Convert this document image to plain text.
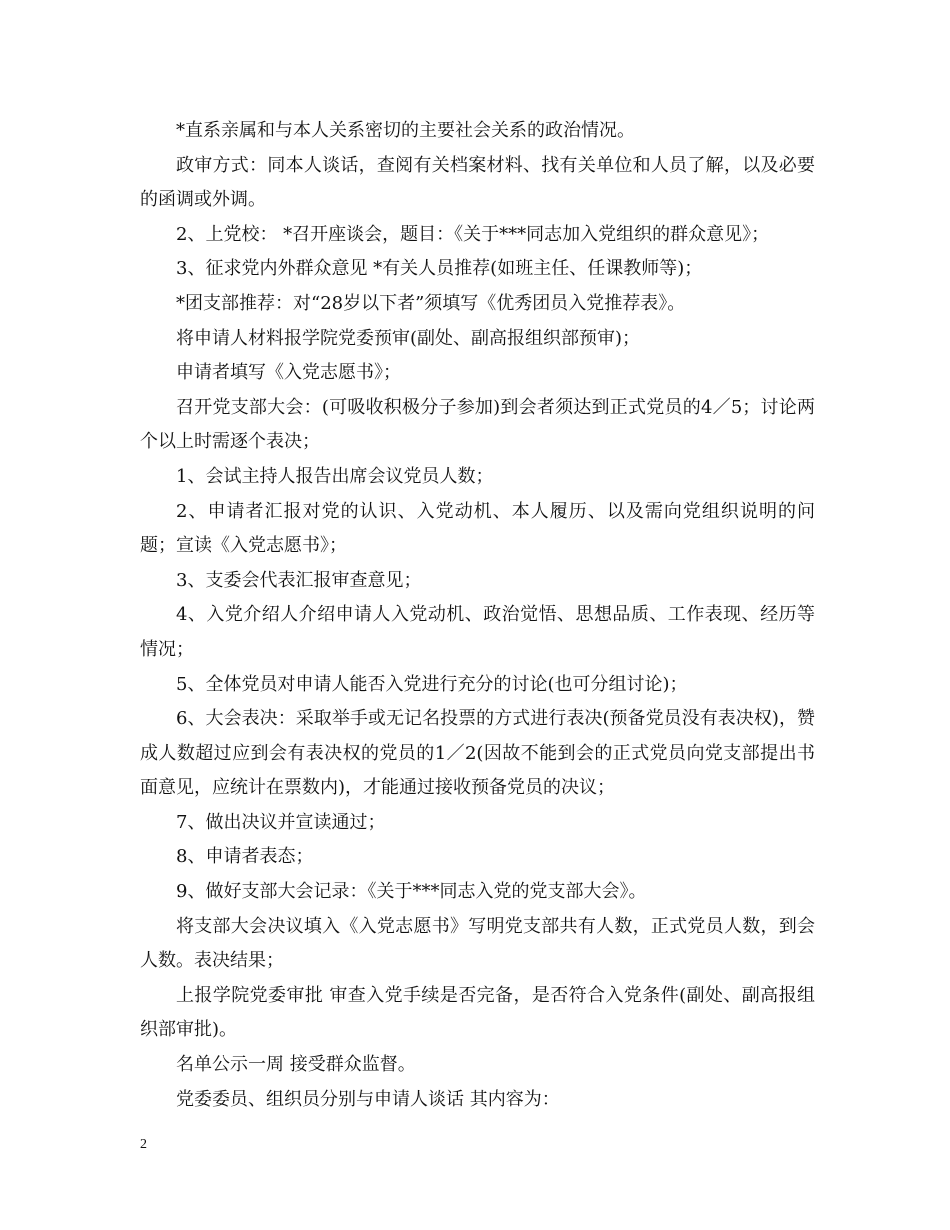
*直系亲属和与本人关系密切的主要社会关系的政治情况。

政审方式：同本人谈话，查阅有关档案材料、找有关单位和人员了解，以及必要的函调或外调。

2、上党校： *召开座谈会，题目：《关于***同志加入党组织的群众意见》；

3、征求党内外群众意见 *有关人员推荐(如班主任、任课教师等)；

*团支部推荐：对“28岁以下者”须填写《优秀团员入党推荐表》。

将申请人材料报学院党委预审(副处、副高报组织部预审)；

申请者填写《入党志愿书》；

召开党支部大会：(可吸收积极分子参加)到会者须达到正式党员的4／5；讨论两个以上时需逐个表决；

1、会试主持人报告出席会议党员人数；

2、申请者汇报对党的认识、入党动机、本人履历、以及需向党组织说明的问题；宣读《入党志愿书》；

3、支委会代表汇报审查意见；

4、入党介绍人介绍申请人入党动机、政治觉悟、思想品质、工作表现、经历等情况；

5、全体党员对申请人能否入党进行充分的讨论(也可分组讨论)；

6、大会表决：采取举手或无记名投票的方式进行表决(预备党员没有表决权)，赞成人数超过应到会有表决权的党员的1／2(因故不能到会的正式党员向党支部提出书面意见，应统计在票数内)，才能通过接收预备党员的决议；

7、做出决议并宣读通过；

8、申请者表态；

9、做好支部大会记录：《关于***同志入党的党支部大会》。

将支部大会决议填入《入党志愿书》写明党支部共有人数，正式党员人数，到会人数。表决结果；

上报学院党委审批 审查入党手续是否完备，是否符合入党条件(副处、副高报组织部审批)。

名单公示一周 接受群众监督。

党委委员、组织员分别与申请人谈话 其内容为：

2
